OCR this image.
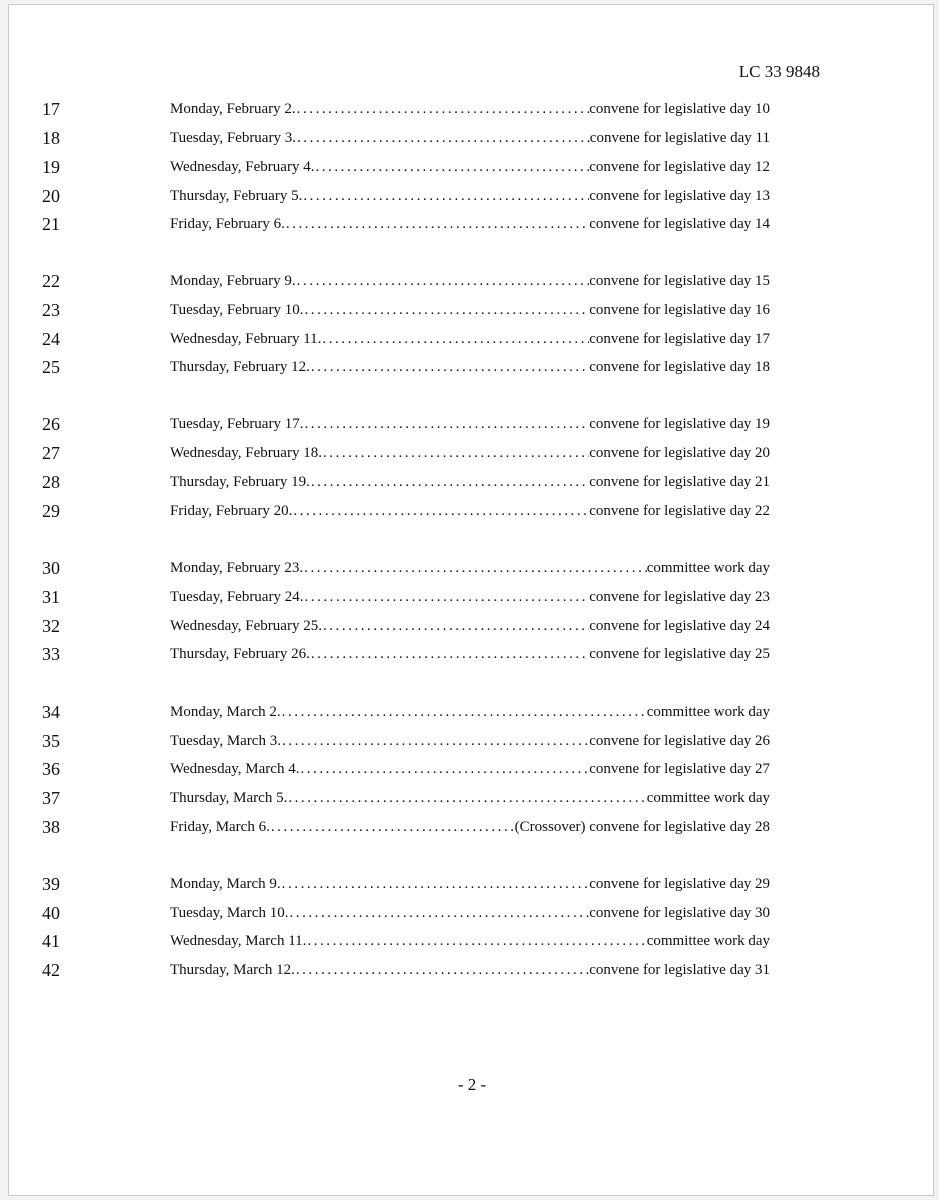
LC 33 9848
17	Monday, February 2. . . .	convene for legislative day 10
18	Tuesday, February 3. . . .	convene for legislative day 11
19	Wednesday, February 4. . . .	convene for legislative day 12
20	Thursday, February 5. . . .	convene for legislative day 13
21	Friday, February 6. . . .	convene for legislative day 14
22	Monday, February 9. . . .	convene for legislative day 15
23	Tuesday, February 10. . . .	convene for legislative day 16
24	Wednesday, February 11. . . .	convene for legislative day 17
25	Thursday, February 12. . . .	convene for legislative day 18
26	Tuesday, February 17. . . .	convene for legislative day 19
27	Wednesday, February 18. . . .	convene for legislative day 20
28	Thursday, February 19. . . .	convene for legislative day 21
29	Friday, February 20. . . .	convene for legislative day 22
30	Monday, February 23. . . .	committee work day
31	Tuesday, February 24. . . .	convene for legislative day 23
32	Wednesday, February 25. . . .	convene for legislative day 24
33	Thursday, February 26. . . .	convene for legislative day 25
34	Monday, March 2. . . .	committee work day
35	Tuesday, March 3. . . .	convene for legislative day 26
36	Wednesday, March 4. . . .	convene for legislative day 27
37	Thursday, March 5. . . .	committee work day
38	Friday, March 6. . . .	(Crossover) convene for legislative day 28
39	Monday, March 9. . . .	convene for legislative day 29
40	Tuesday, March 10. . . .	convene for legislative day 30
41	Wednesday, March 11. . . .	committee work day
42	Thursday, March 12. . . .	convene for legislative day 31
- 2 -
